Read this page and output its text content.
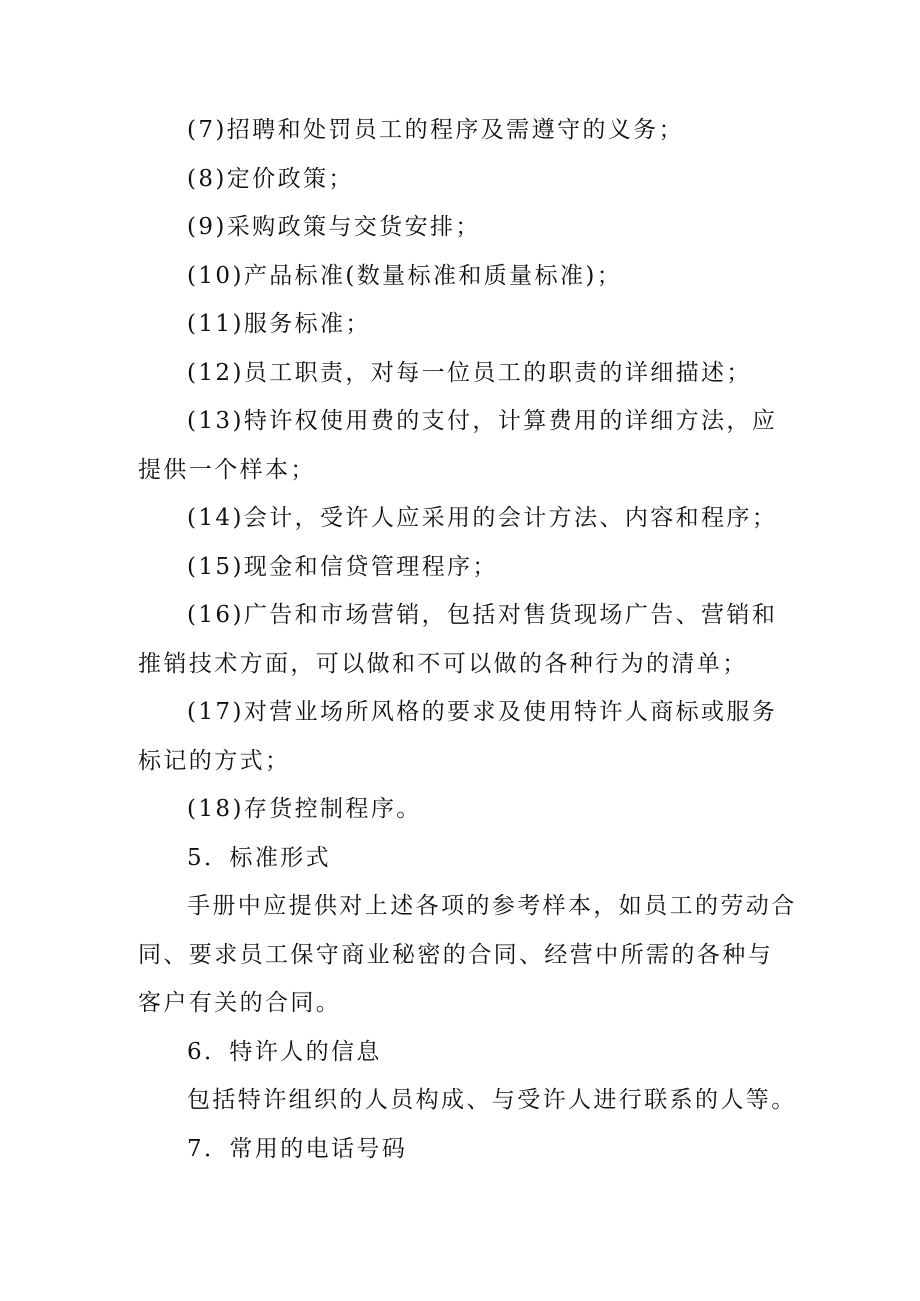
(7)招聘和处罚员工的程序及需遵守的义务；

(8)定价政策；

(9)采购政策与交货安排；

(10)产品标准(数量标准和质量标准)；

(11)服务标准；

(12)员工职责，对每一位员工的职责的详细描述；

(13)特许权使用费的支付，计算费用的详细方法，应提供一个样本；

(14)会计，受许人应采用的会计方法、内容和程序；

(15)现金和信贷管理程序；

(16)广告和市场营销，包括对售货现场广告、营销和推销技术方面，可以做和不可以做的各种行为的清单；

(17)对营业场所风格的要求及使用特许人商标或服务标记的方式；

(18)存货控制程序。

5．标准形式

手册中应提供对上述各项的参考样本，如员工的劳动合同、要求员工保守商业秘密的合同、经营中所需的各种与客户有关的合同。

6．特许人的信息

包括特许组织的人员构成、与受许人进行联系的人等。

7．常用的电话号码
